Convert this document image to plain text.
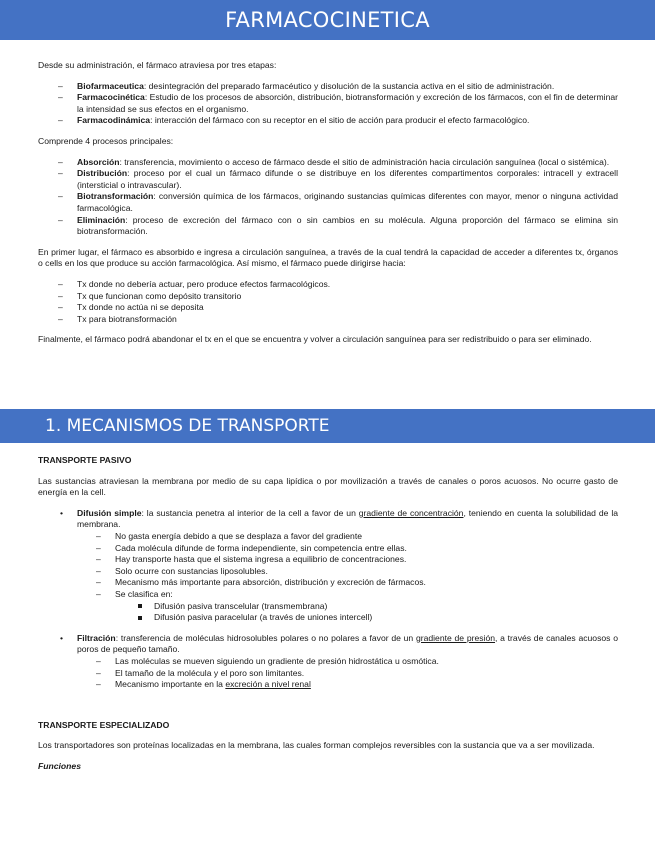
FARMACOCINETICA

Desde su administración, el fármaco atraviesa por tres etapas:

– Biofarmaceutica: desintegración del preparado farmacéutico y disolución de la sustancia activa en el sitio de administración.
– Farmacocinética: Estudio de los procesos de absorción, distribución, biotransformación y excreción de los fármacos, con el fin de determinar la intensidad se sus efectos en el organismo.
– Farmacodinámica: interacción del fármaco con su receptor en el sitio de acción para producir el efecto farmacológico.

Comprende 4 procesos principales:

– Absorción: transferencia, movimiento o acceso de fármaco desde el sitio de administración hacia circulación sanguínea (local o sistémica).
– Distribución: proceso por el cual un fármaco difunde o se distribuye en los diferentes compartimentos corporales: intracell y extracell (intersticial o intravascular).
– Biotransformación: conversión química de los fármacos, originando sustancias químicas diferentes con mayor, menor o ninguna actividad farmacológica.
– Eliminación: proceso de excreción del fármaco con o sin cambios en su molécula. Alguna proporción del fármaco se elimina sin biotransformación.

En primer lugar, el fármaco es absorbido e ingresa a circulación sanguínea, a través de la cual tendrá la capacidad de acceder a diferentes tx, órganos o cells en los que produce su acción farmacológica. Así mismo, el fármaco puede dirigirse hacia:

– Tx donde no debería actuar, pero produce efectos farmacológicos.
– Tx que funcionan como depósito transitorio
– Tx donde no actúa ni se deposita
– Tx para biotransformación

Finalmente, el fármaco podrá abandonar el tx en el que se encuentra y volver a circulación sanguínea para ser redistribuido o para ser eliminado.

1. MECANISMOS DE TRANSPORTE

TRANSPORTE PASIVO

Las sustancias atraviesan la membrana por medio de su capa lipídica o por movilización a través de canales o poros acuosos. No ocurre gasto de energía en la cell.

• Difusión simple: la sustancia penetra al interior de la cell a favor de un gradiente de concentración, teniendo en cuenta la solubilidad de la membrana.
– No gasta energía debido a que se desplaza a favor del gradiente
– Cada molécula difunde de forma independiente, sin competencia entre ellas.
– Hay transporte hasta que el sistema ingresa a equilibrio de concentraciones.
– Solo ocurre con sustancias liposolubles.
– Mecanismo más importante para absorción, distribución y excreción de fármacos.
– Se clasifica en:
Difusión pasiva transcelular (transmembrana)
Difusión pasiva paracelular (a través de uniones intercell)
• Filtración: transferencia de moléculas hidrosolubles polares o no polares a favor de un gradiente de presión, a través de canales acuosos o poros de pequeño tamaño.
– Las moléculas se mueven siguiendo un gradiente de presión hidrostática u osmótica.
– El tamaño de la molécula y el poro son limitantes.
– Mecanismo importante en la excreción a nivel renal

TRANSPORTE ESPECIALIZADO

Los transportadores son proteínas localizadas en la membrana, las cuales forman complejos reversibles con la sustancia que va a ser movilizada.

Funciones
